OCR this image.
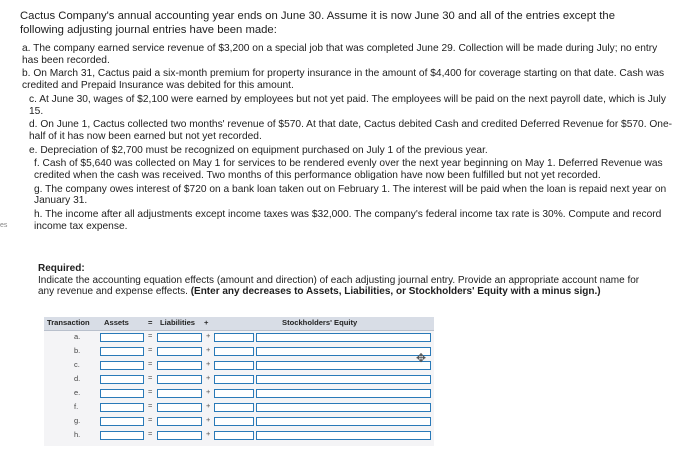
Cactus Company's annual accounting year ends on June 30. Assume it is now June 30 and all of the entries except the following adjusting journal entries have been made:
a. The company earned service revenue of $3,200 on a special job that was completed June 29. Collection will be made during July; no entry has been recorded.
b. On March 31, Cactus paid a six-month premium for property insurance in the amount of $4,400 for coverage starting on that date. Cash was credited and Prepaid Insurance was debited for this amount.
c. At June 30, wages of $2,100 were earned by employees but not yet paid. The employees will be paid on the next payroll date, which is July 15.
d. On June 1, Cactus collected two months' revenue of $570. At that date, Cactus debited Cash and credited Deferred Revenue for $570. One-half of it has now been earned but not yet recorded.
e. Depreciation of $2,700 must be recognized on equipment purchased on July 1 of the previous year.
f. Cash of $5,640 was collected on May 1 for services to be rendered evenly over the next year beginning on May 1. Deferred Revenue was credited when the cash was received. Two months of this performance obligation have now been fulfilled but not yet recorded.
g. The company owes interest of $720 on a bank loan taken out on February 1. The interest will be paid when the loan is repaid next year on January 31.
h. The income after all adjustments except income taxes was $32,000. The company's federal income tax rate is 30%. Compute and record income tax expense.
es
Required:
Indicate the accounting equation effects (amount and direction) of each adjusting journal entry. Provide an appropriate account name for any revenue and expense effects. (Enter any decreases to Assets, Liabilities, or Stockholders' Equity with a minus sign.)
Transaction Assets	= Liabilities +	Stockholders' Equity
a.	=	+
b.	=	+
c.	=	+
d.	=	+
e.	=	+
f.	=	+
g.	=	+
h.	=	+
✥
